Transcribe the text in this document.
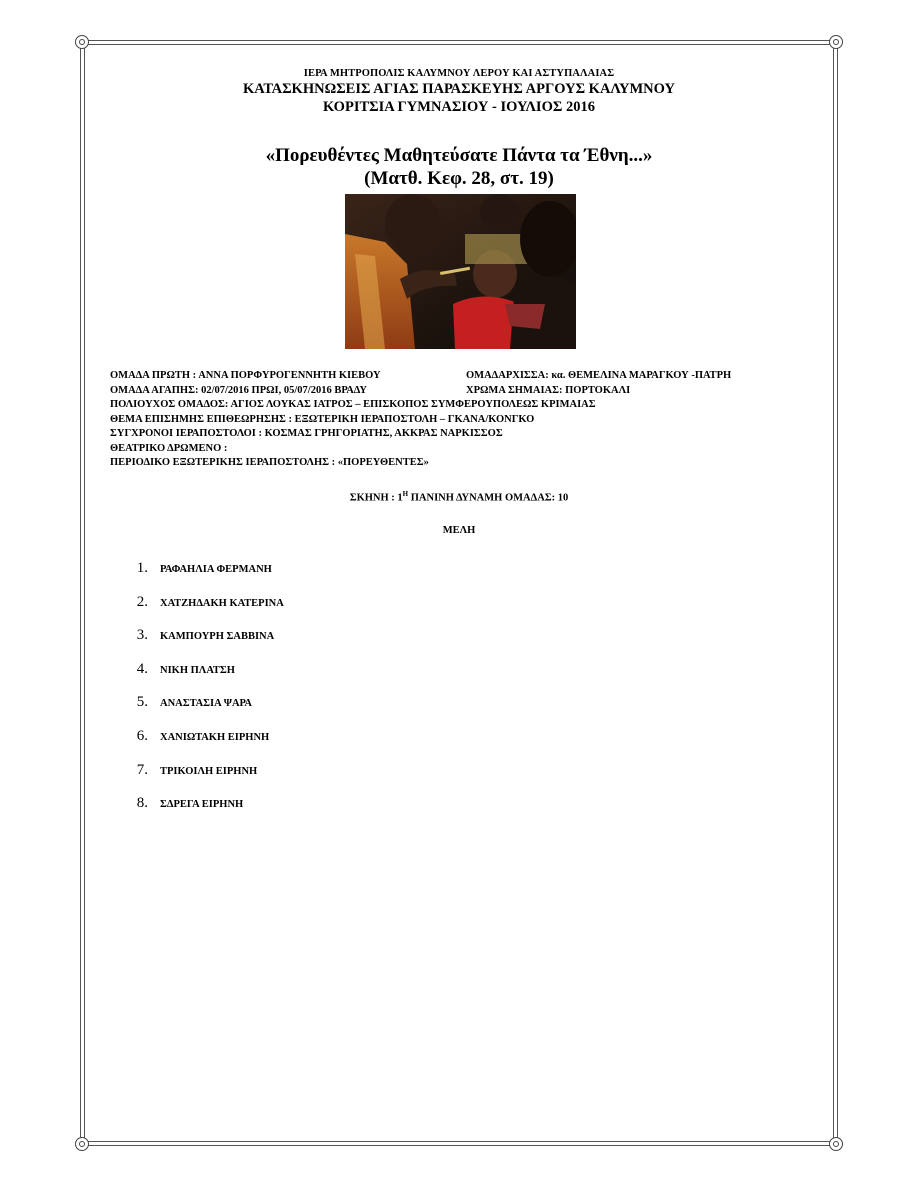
ΙΕΡΑ ΜΗΤΡΟΠΟΛΙΣ ΚΑΛΥΜΝΟΥ ΛΕΡΟΥ ΚΑΙ ΑΣΤΥΠΑΛΑΙΑΣ
ΚΑΤΑΣΚΗΝΩΣΕΙΣ ΑΓΙΑΣ ΠΑΡΑΣΚΕΥΗΣ ΑΡΓΟΥΣ ΚΑΛΥΜΝΟΥ
ΚΟΡΙΤΣΙΑ ΓΥΜΝΑΣΙΟΥ - ΙΟΥΛΙΟΣ 2016
«Πορευθέντες Μαθητεύσατε Πάντα τα Έθνη...»
(Ματθ. Κεφ. 28, στ. 19)
ΟΜΑΔΑ ΠΡΩΤΗ : ΑΝΝΑ ΠΟΡΦΥΡΟΓΕΝΝΗΤΗ ΚΙΕΒΟΥ	ΟΜΑΔΑΡΧΙΣΣΑ: κα. ΘΕΜΕΛΙΝΑ ΜΑΡΑΓΚΟΥ -ΠΑΤΡΗ
ΟΜΑΔΑ ΑΓΑΠΗΣ: 02/07/2016 ΠΡΩΙ, 05/07/2016 ΒΡΑΔΥ	ΧΡΩΜΑ ΣΗΜΑΙΑΣ: ΠΟΡΤΟΚΑΛΙ
ΠΟΛΙΟΥΧΟΣ ΟΜΑΔΟΣ: ΑΓΙΟΣ ΛΟΥΚΑΣ ΙΑΤΡΟΣ – ΕΠΙΣΚΟΠΟΣ ΣΥΜΦΕΡΟΥΠΟΛΕΩΣ ΚΡΙΜΑΙΑΣ
ΘΕΜΑ ΕΠΙΣΗΜΗΣ ΕΠΙΘΕΩΡΗΣΗΣ : ΕΞΩΤΕΡΙΚΗ ΙΕΡΑΠΟΣΤΟΛΗ – ΓΚΑΝΑ/ΚΟΝΓΚΟ
ΣΥΓΧΡΟΝΟΙ ΙΕΡΑΠΟΣΤΟΛΟΙ : ΚΟΣΜΑΣ ΓΡΗΓΟΡΙΑΤΗΣ, ΑΚΚΡΑΣ ΝΑΡΚΙΣΣΟΣ
ΘΕΑΤΡΙΚΟ ΔΡΩΜΕΝΟ :
ΠΕΡΙΟΔΙΚΟ ΕΞΩΤΕΡΙΚΗΣ ΙΕΡΑΠΟΣΤΟΛΗΣ : «ΠΟΡΕΥΘΕΝΤΕΣ»
ΣΚΗΝΗ : $1^H$ ΠΑΝΙΝΗ ΔΥΝΑΜΗ ΟΜΑΔΑΣ: 10
ΜΕΛΗ
1. ΡΑΦΑΗΛΙΑ ΦΕΡΜΑΝΗ
2. ΧΑΤΖΗΔΑΚΗ ΚΑΤΕΡΙΝΑ
3. ΚΑΜΠΟΥΡΗ ΣΑΒΒΙΝΑ
4. ΝΙΚΗ ΠΛΑΤΣΗ
5. ΑΝΑΣΤΑΣΙΑ ΨΑΡΑ
6. ΧΑΝΙΩΤΑΚΗ ΕΙΡΗΝΗ
7. ΤΡΙΚΟΙΛΗ ΕΙΡΗΝΗ
8. ΣΔΡΕΓΑ ΕΙΡΗΝΗ
